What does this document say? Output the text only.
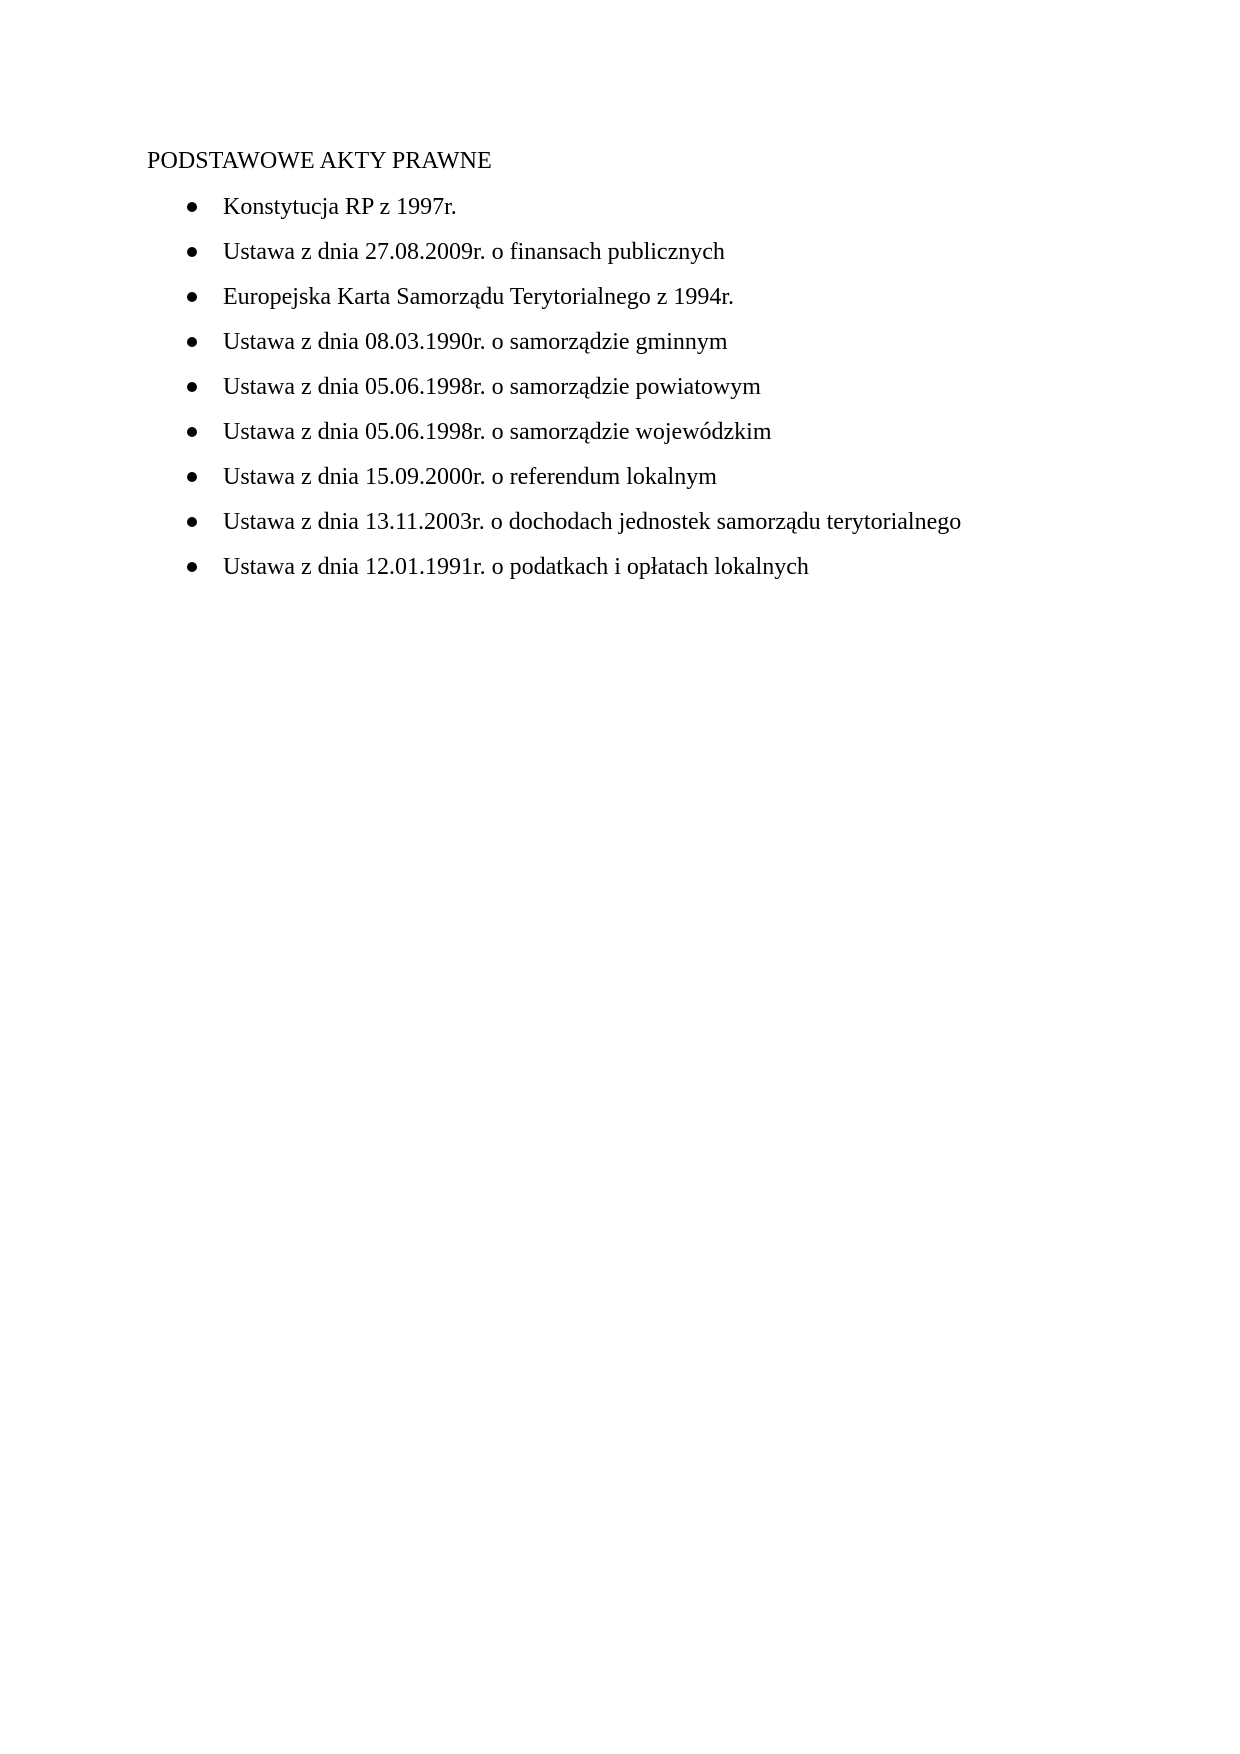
PODSTAWOWE AKTY PRAWNE
Konstytucja RP z 1997r.
Ustawa z dnia 27.08.2009r. o finansach publicznych
Europejska Karta Samorządu Terytorialnego z 1994r.
Ustawa z dnia 08.03.1990r. o samorządzie gminnym
Ustawa z dnia 05.06.1998r. o samorządzie powiatowym
Ustawa z dnia 05.06.1998r. o samorządzie wojewódzkim
Ustawa z dnia 15.09.2000r. o referendum lokalnym
Ustawa z dnia 13.11.2003r. o dochodach jednostek samorządu terytorialnego
Ustawa z dnia 12.01.1991r. o podatkach i opłatach lokalnych
